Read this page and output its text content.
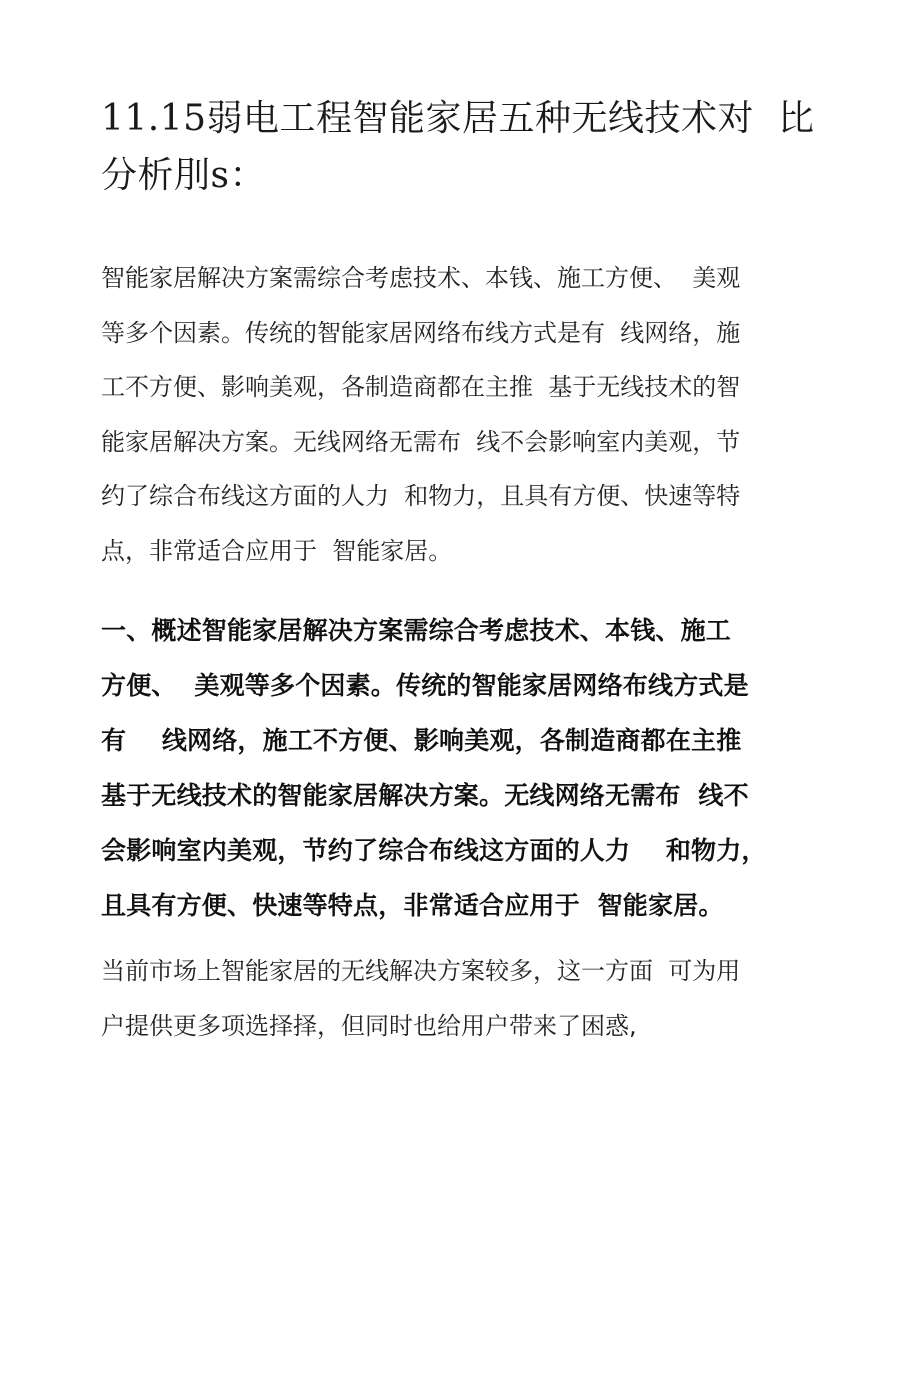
11.15弱电工程智能家居五种无线技术对  比
分析刖s：

智能家居解决方案需综合考虑技术、本钱、施工方便、  美观
等多个因素。传统的智能家居网络布线方式是有  线网络，施
工不方便、影响美观，各制造商都在主推  基于无线技术的智
能家居解决方案。无线网络无需布  线不会影响室内美观，节
约了综合布线这方面的人力  和物力，且具有方便、快速等特
点，非常适合应用于  智能家居。

一、概述智能家居解决方案需综合考虑技术、本钱、施工
方便、  美观等多个因素。传统的智能家居网络布线方式是
有    线网络，施工不方便、影响美观，各制造商都在主推
基于无线技术的智能家居解决方案。无线网络无需布  线不
会影响室内美观，节约了综合布线这方面的人力    和物力，
且具有方便、快速等特点，非常适合应用于  智能家居。

当前市场上智能家居的无线解决方案较多，这一方面  可为用
户提供更多项选择择，但同时也给用户带来了困惑,
